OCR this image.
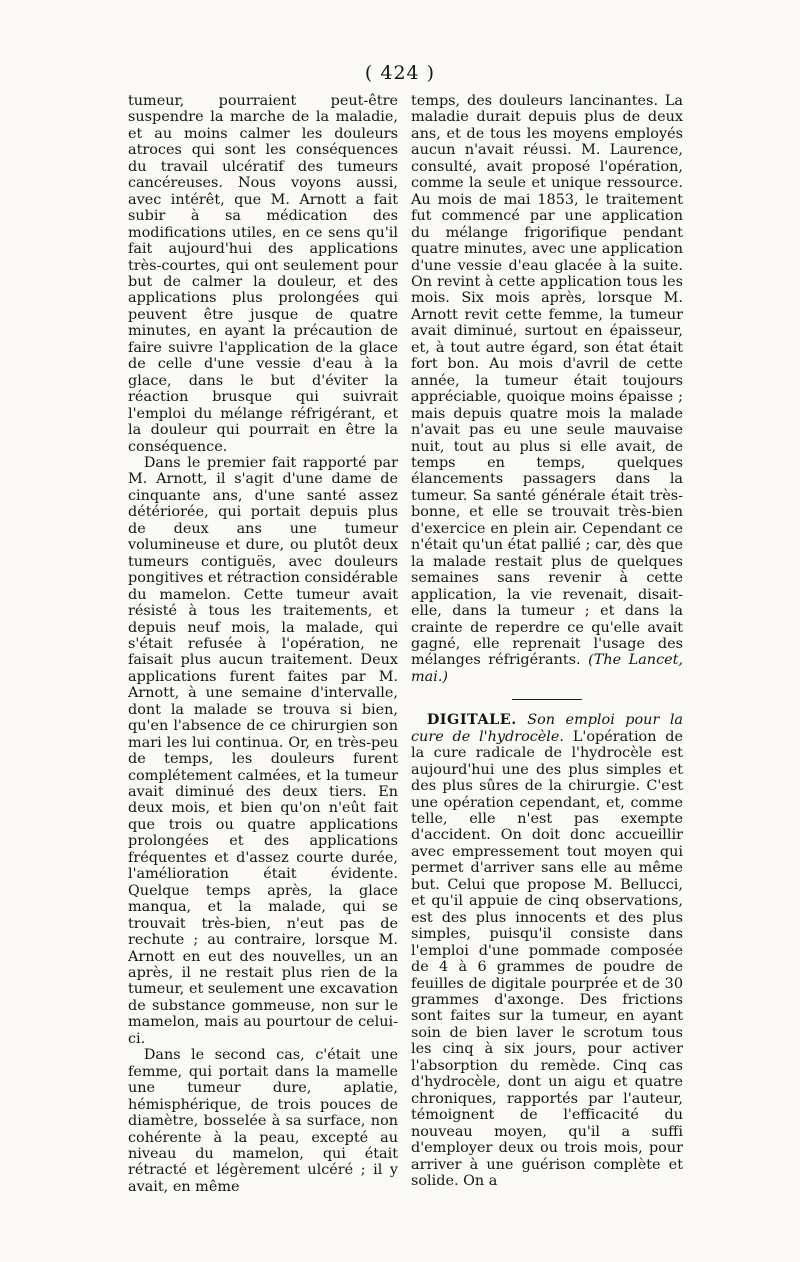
( 424 )

tumeur, pourraient peut-être suspendre la marche de la maladie, et au moins calmer les douleurs atroces qui sont les conséquences du travail ulcératif des tumeurs cancéreuses. Nous voyons aussi, avec intérêt, que M. Arnott a fait subir à sa médication des modifications utiles, en ce sens qu'il fait aujourd'hui des applications très-courtes, qui ont seulement pour but de calmer la douleur, et des applications plus prolongées qui peuvent être jusque de quatre minutes, en ayant la précaution de faire suivre l'application de la glace de celle d'une vessie d'eau à la glace, dans le but d'éviter la réaction brusque qui suivrait l'emploi du mélange réfrigérant, et la douleur qui pourrait en être la conséquence.

Dans le premier fait rapporté par M. Arnott, il s'agit d'une dame de cinquante ans, d'une santé assez détériorée, qui portait depuis plus de deux ans une tumeur volumineuse et dure, ou plutôt deux tumeurs contiguës, avec douleurs pongitives et rétraction considérable du mamelon. Cette tumeur avait résisté à tous les traitements, et depuis neuf mois, la malade, qui s'était refusée à l'opération, ne faisait plus aucun traitement. Deux applications furent faites par M. Arnott, à une semaine d'intervalle, dont la malade se trouva si bien, qu'en l'absence de ce chirurgien son mari les lui continua. Or, en très-peu de temps, les douleurs furent complétement calmées, et la tumeur avait diminué des deux tiers. En deux mois, et bien qu'on n'eût fait que trois ou quatre applications prolongées et des applications fréquentes et d'assez courte durée, l'amélioration était évidente. Quelque temps après, la glace manqua, et la malade, qui se trouvait très-bien, n'eut pas de rechute ; au contraire, lorsque M. Arnott en eut des nouvelles, un an après, il ne restait plus rien de la tumeur, et seulement une excavation de substance gommeuse, non sur le mamelon, mais au pourtour de celui-ci.

Dans le second cas, c'était une femme, qui portait dans la mamelle une tumeur dure, aplatie, hémisphérique, de trois pouces de diamètre, bosselée à sa surface, non cohérente à la peau, excepté au niveau du mamelon, qui était rétracté et légèrement ulcéré ; il y avait, en même

temps, des douleurs lancinantes. La maladie durait depuis plus de deux ans, et de tous les moyens employés aucun n'avait réussi. M. Laurence, consulté, avait proposé l'opération, comme la seule et unique ressource. Au mois de mai 1853, le traitement fut commencé par une application du mélange frigorifique pendant quatre minutes, avec une application d'une vessie d'eau glacée à la suite. On revint à cette application tous les mois. Six mois après, lorsque M. Arnott revit cette femme, la tumeur avait diminué, surtout en épaisseur, et, à tout autre égard, son état était fort bon. Au mois d'avril de cette année, la tumeur était toujours appréciable, quoique moins épaisse ; mais depuis quatre mois la malade n'avait pas eu une seule mauvaise nuit, tout au plus si elle avait, de temps en temps, quelques élancements passagers dans la tumeur. Sa santé générale était très-bonne, et elle se trouvait très-bien d'exercice en plein air. Cependant ce n'était qu'un état pallié ; car, dès que la malade restait plus de quelques semaines sans revenir à cette application, la vie revenait, disait-elle, dans la tumeur ; et dans la crainte de reperdre ce qu'elle avait gagné, elle reprenait l'usage des mélanges réfrigérants. (The Lancet, mai.)

DIGITALE. Son emploi pour la cure de l'hydrocèle. L'opération de la cure radicale de l'hydrocèle est aujourd'hui une des plus simples et des plus sûres de la chirurgie. C'est une opération cependant, et, comme telle, elle n'est pas exempte d'accident. On doit donc accueillir avec empressement tout moyen qui permet d'arriver sans elle au même but. Celui que propose M. Bellucci, et qu'il appuie de cinq observations, est des plus innocents et des plus simples, puisqu'il consiste dans l'emploi d'une pommade composée de 4 à 6 grammes de poudre de feuilles de digitale pourprée et de 30 grammes d'axonge. Des frictions sont faites sur la tumeur, en ayant soin de bien laver le scrotum tous les cinq à six jours, pour activer l'absorption du remède. Cinq cas d'hydrocèle, dont un aigu et quatre chroniques, rapportés par l'auteur, témoignent de l'efficacité du nouveau moyen, qu'il a suffi d'employer deux ou trois mois, pour arriver à une guérison complète et solide. On a
